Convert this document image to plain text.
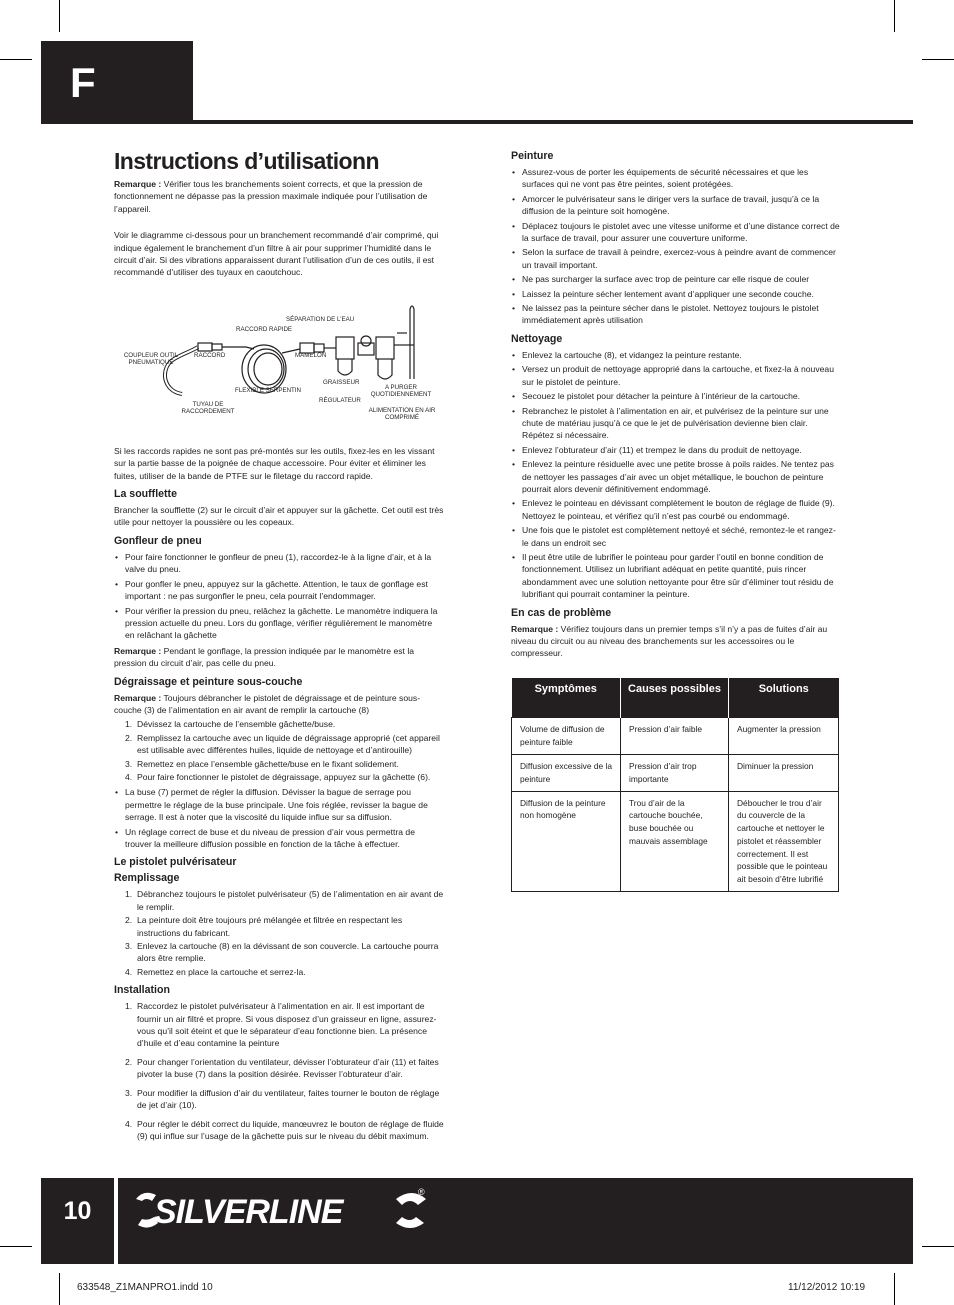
F
Instructions d’utilisationn

Remarque : Vérifier tous les branchements soient corrects, et que la pression de fonctionnement ne dépasse pas la pression maximale indiquée pour l’utilisation de l’appareil.

Voir le diagramme ci-dessous pour un branchement recommandé d’air comprimé, qui indique également le branchement d’un filtre à air pour supprimer l’humidité dans le circuit d’air. Si des vibrations apparaissent durant l’utilisation d’un de ces outils, il est recommandé d’utiliser des tuyaux en caoutchouc.

SÉPARATION DE L’EAU
RACCORD RAPIDE
COUPLEUR OUTIL PNEUMATIQUE
RACCORD	MAMELON
GRAISSEUR
A PURGER QUOTIDIENNEMENT
FLEXIBLE SERPENTIN
RÉGULATEUR
TUYAU DE RACCORDEMENT	ALIMENTATION EN AIR COMPRIMÉ

Si les raccords rapides ne sont pas pré-montés sur les outils, fixez-les en les vissant sur la partie basse de la poignée de chaque accessoire. Pour éviter et éliminer les fuites, utiliser de la bande de PTFE sur le filetage du raccord rapide.

La soufflette

Brancher la soufflette (2) sur le circuit d’air et appuyer sur la gâchette. Cet outil est très utile pour nettoyer la poussière ou les copeaux.

Gonfleur de pneu
• Pour faire fonctionner le gonfleur de pneu (1), raccordez-le à la ligne d’air, et à la valve du pneu.
• Pour gonfler le pneu, appuyez sur la gâchette. Attention, le taux de gonflage est important : ne pas surgonfler le pneu, cela pourrait l’endommager.
• Pour vérifier la pression du pneu, relâchez la gâchette. Le manomètre indiquera la pression actuelle du pneu. Lors du gonflage, vérifier régulièrement le manomètre en relâchant la gâchette

Remarque : Pendant le gonflage, la pression indiquée par le manomètre est la pression du circuit d’air, pas celle du pneu.

Dégraissage et peinture sous-couche

Remarque : Toujours débrancher le pistolet de dégraissage et de peinture sous-couche (3) de l’alimentation en air avant de remplir la cartouche (8)

1. Dévissez la cartouche de l’ensemble gâchette/buse.
2. Remplissez la cartouche avec un liquide de dégraissage approprié (cet appareil est utilisable avec différentes huiles, liquide de nettoyage et d’antirouille)
3. Remettez en place l’ensemble gâchette/buse en le fixant solidement.
4. Pour faire fonctionner le pistolet de dégraissage, appuyez sur la gâchette (6).
• La buse (7) permet de régler la diffusion. Dévisser la bague de serrage pou permettre le réglage de la buse principale. Une fois réglée, revisser la bague de serrage. Il est à noter que la viscosité du liquide influe sur sa diffusion.
• Un réglage correct de buse et du niveau de pression d’air vous permettra de trouver la meilleure diffusion possible en fonction de la tâche à effectuer.
Le pistolet pulvérisateur
Remplissage
1. Débranchez toujours le pistolet pulvérisateur (5) de l’alimentation en air avant de le remplir.
2. La peinture doit être toujours pré mélangée et filtrée en respectant les instructions du fabricant.
3. Enlevez la cartouche (8) en la dévissant de son couvercle. La cartouche pourra alors être remplie.
4. Remettez en place la cartouche et serrez-la.
Installation
1. Raccordez le pistolet pulvérisateur à l’alimentation en air. Il est important de fournir un air filtré et propre. Si vous disposez d’un graisseur en ligne, assurez-vous qu’il soit éteint et que le séparateur d’eau fonctionne bien. La présence d’huile et d’eau contamine la peinture
2. Pour changer l’orientation du ventilateur, dévisser l’obturateur d’air (11) et faites pivoter la buse (7) dans la position désirée. Revisser l’obturateur d’air.
3. Pour modifier la diffusion d’air du ventilateur, faites tourner le bouton de réglage de jet d’air (10).
4. Pour régler le débit correct du liquide, manœuvrez le bouton de réglage de fluide (9) qui influe sur l’usage de la gâchette puis sur le niveau du débit maximum.
Peinture
• Assurez-vous de porter les équipements de sécurité nécessaires et que les surfaces qui ne vont pas être peintes, soient protégées.
• Amorcer le pulvérisateur sans le diriger vers la surface de travail, jusqu’à ce la diffusion de la peinture soit homogène.
• Déplacez toujours le pistolet avec une vitesse uniforme et d’une distance correct de la surface de travail, pour assurer une couverture uniforme.
• Selon la surface de travail à peindre, exercez-vous à peindre avant de commencer un travail important.
• Ne pas surcharger la surface avec trop de peinture car elle risque de couler
• Laissez la peinture sécher lentement avant d’appliquer une seconde couche.
• Ne laissez pas la peinture sécher dans le pistolet. Nettoyez toujours le pistolet immédiatement après utilisation
Nettoyage
• Enlevez la cartouche (8), et vidangez la peinture restante.
• Versez un produit de nettoyage approprié dans la cartouche, et fixez-la à nouveau sur le pistolet de peinture.
• Secouez le pistolet pour détacher la peinture à l’intérieur de la cartouche.
• Rebranchez le pistolet à l’alimentation en air, et pulvérisez de la peinture sur une chute de matériau jusqu’à ce que le jet de pulvérisation devienne bien clair. Répétez si nécessaire.
• Enlevez l’obturateur d’air (11) et trempez le dans du produit de nettoyage.
• Enlevez la peinture résiduelle avec une petite brosse à poils raides. Ne tentez pas de nettoyer les passages d’air avec un objet métallique, le bouchon de peinture pourrait alors devenir définitivement endommagé.
• Enlevez le pointeau en dévissant complètement le bouton de réglage de fluide (9). Nettoyez le pointeau, et vérifiez qu’il n’est pas courbé ou endommagé.
• Une fois que le pistolet est complètement nettoyé et séché, remontez-le et rangez-le dans un endroit sec
• Il peut être utile de lubrifier le pointeau pour garder l’outil en bonne condition de fonctionnement. Utilisez un lubrifiant adéquat en petite quantité, puis rincer abondamment avec une solution nettoyante pour être sûr d’éliminer tout résidu de lubrifiant qui pourrait contaminer la peinture.
En cas de problème

Remarque : Vérifiez toujours dans un premier temps s’il n’y a pas de fuites d’air au niveau du circuit ou au niveau des branchements sur les accessoires ou le compresseur.

Symptômes	Causes possibles	Solutions
Volume de diffusion de peinture faible	Pression d’air faible	Augmenter la pression
Diffusion excessive de la peinture	Pression d’air trop importante	Diminuer la pression
Diffusion de la peinture non homogène	Trou d’air de la cartouche bouchée, buse bouchée ou mauvais assemblage	Déboucher le trou d’air du couvercle de la cartouche et nettoyer le pistolet et réassembler correctement. Il est possible que le pointeau ait besoin d’être lubrifié
10	SILVERLINE
®
633548_Z1MANPRO1.indd 10	11/12/2012 10:19
